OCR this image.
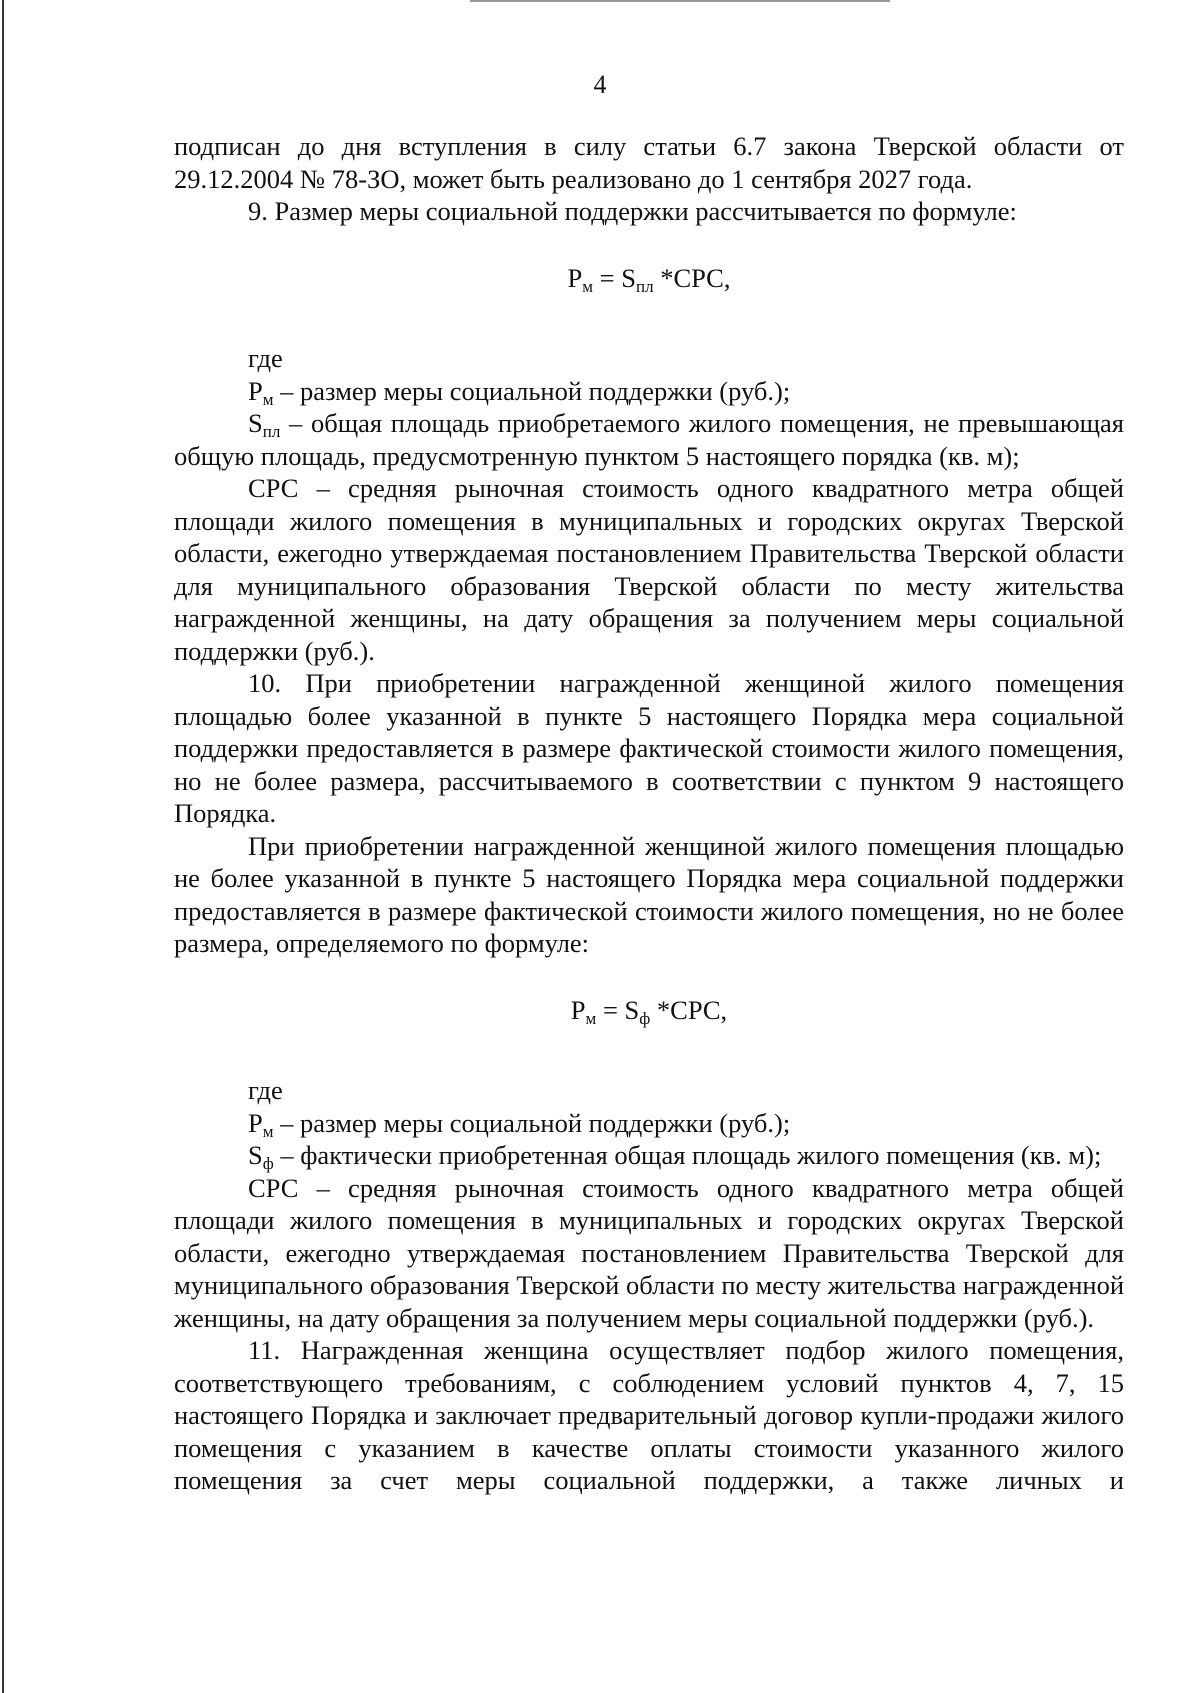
4

подписан до дня вступления в силу статьи 6.7 закона Тверской области от 29.12.2004 № 78-ЗО, может быть реализовано до 1 сентября 2027 года.

9. Размер меры социальной поддержки рассчитывается по формуле:

$P_м = S_{пл}$ *СРС,

где

$P_м$ – размер меры социальной поддержки (руб.);

$S_{пл}$ – общая площадь приобретаемого жилого помещения, не превышающая общую площадь, предусмотренную пунктом 5 настоящего порядка (кв. м);

СРС – средняя рыночная стоимость одного квадратного метра общей площади жилого помещения в муниципальных и городских округах Тверской области, ежегодно утверждаемая постановлением Правительства Тверской области для муниципального образования Тверской области по месту жительства награжденной женщины, на дату обращения за получением меры социальной поддержки (руб.).

10. При приобретении награжденной женщиной жилого помещения площадью более указанной в пункте 5 настоящего Порядка мера социальной поддержки предоставляется в размере фактической стоимости жилого помещения, но не более размера, рассчитываемого в соответствии с пунктом 9 настоящего Порядка.

При приобретении награжденной женщиной жилого помещения площадью не более указанной в пункте 5 настоящего Порядка мера социальной поддержки предоставляется в размере фактической стоимости жилого помещения, но не более размера, определяемого по формуле:

$P_м = S_ф$ *СРС,

где

$P_м$ – размер меры социальной поддержки (руб.);

$S_ф$ – фактически приобретенная общая площадь жилого помещения (кв. м);

СРС – средняя рыночная стоимость одного квадратного метра общей площади жилого помещения в муниципальных и городских округах Тверской области, ежегодно утверждаемая постановлением Правительства Тверской для муниципального образования Тверской области по месту жительства награжденной женщины, на дату обращения за получением меры социальной поддержки (руб.).

11. Награжденная женщина осуществляет подбор жилого помещения, соответствующего требованиям, с соблюдением условий пунктов 4, 7, 15 настоящего Порядка и заключает предварительный договор купли-продажи жилого помещения с указанием в качестве оплаты стоимости указанного жилого помещения за счет меры социальной поддержки, а также личных и
